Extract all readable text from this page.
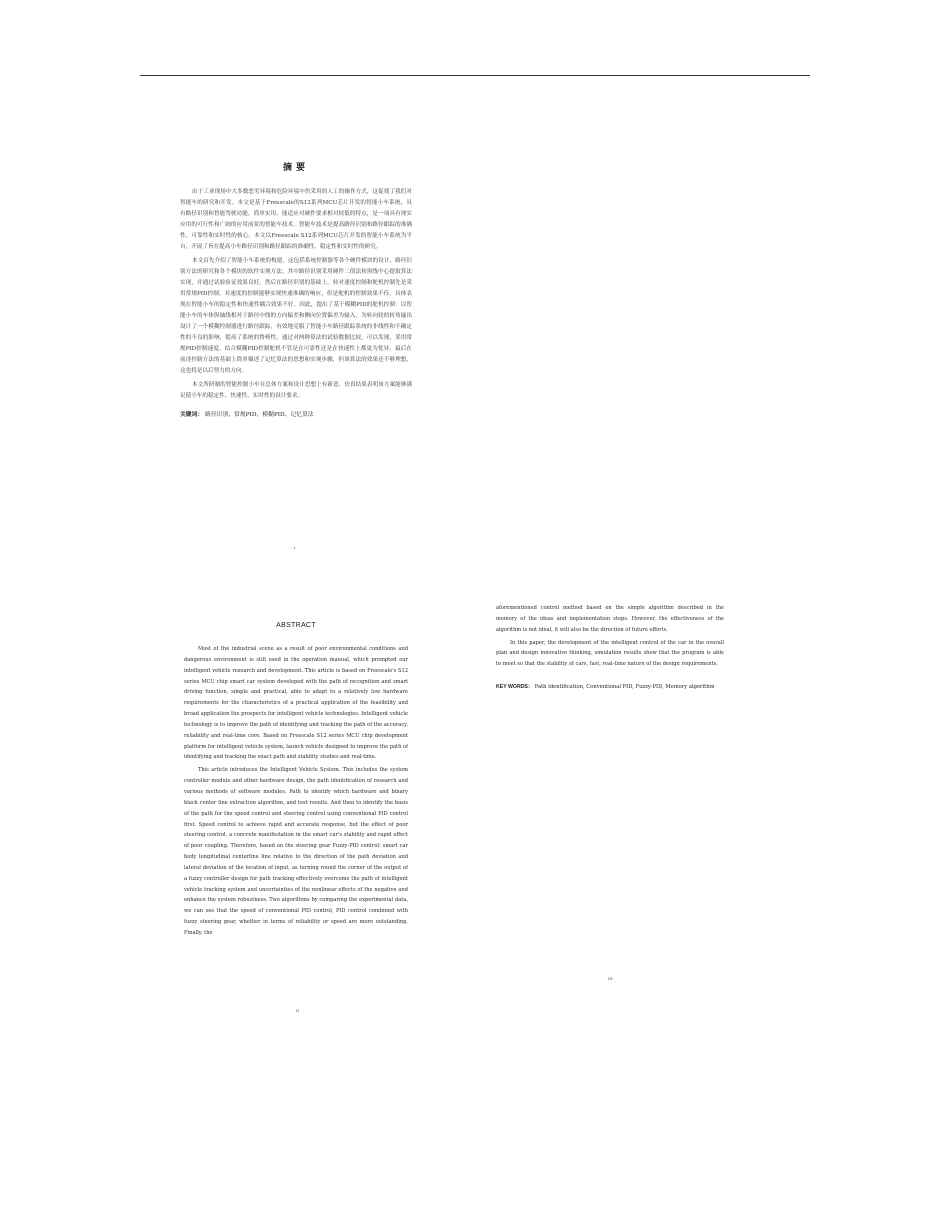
摘要

由于工业现场中大多数恶劣环境和危险环境中仍采用的人工的操作方式，这促使了我们对智能车的研究和开发。本文是基于Freescale的S12系列MCU芯片开发的智能小车系统，具有路径识别和智能驾驶功能，简单实用。能适应对硬件要求相对较低的特点，是一项具有现实应用的可行性和广阔的应用前景的智能车技术。智能车技术是提高路径识别和路径跟踪的准确性、可靠性和实时性的核心。本文以Freescale S12系列MCU芯片开发的智能小车系统为平台，开展了旨在提高小车路径识别和路径跟踪的准确性、稳定性和实时性的研究。

本文首先介绍了智能小车系统的构建，这包括系统控制器等各个硬件模块的设计、路径识别方法的研究和各个模块的软件实现方法。其中路径识别采用硬件二值法和黑线中心提取算法实现，并通过试验验证效果良好。然后在路径识别的基础上，转对速度控制和舵机控制先是采用常规PID控制，对速度的控制能够实现快速准确的响应，但是舵机的控制效果不佳，具体表现在智能小车的稳定性和快速性耦合效果不好。因此，提出了基于模糊PID的舵机控制：以智能小车的车体纵轴线相对于路径中线的方向偏差和侧向位置偏差为输入，为转向轮的转角输出设计了一个模糊控制器进行路径跟踪，有效地克服了智能小车路径跟踪系统的非线性和不确定性的不良的影响，提高了系统的鲁棒性。通过对两种算法的试验数据比较，可以发现，采用常规PID控制速度，结合模糊PID控制舵机不管是在可靠性还是在快速性上都更为优异。最后在前述控制方法的基础上简单描述了记忆算法的思想和实现步骤，但该算法的效果还不够理想，这也将是以后努力的方向。

本文所研制的智能控制小车在总体方案和设计思想上有新意，仿真结果表明该方案能够满足使小车的稳定性、快速性、实时性的设计要求。

关键词： 路径识别、常规PID、模糊PID、记忆算法
I
ABSTRACT

Most of the industrial scene as a result of poor environmental conditions and dangerous environment is still used in the operation manual, which prompted our intelligent vehicle research and development. This article is based on Freescale's S12 series MCU chip smart car system developed with the path of recognition and smart driving function, simple and practical, able to adapt to a relatively low hardware requirements for the characteristics of a practical application of the feasibility and broad application the prospects for intelligent vehicle technologies. Intelligent vehicle technology is to improve the path of identifying and tracking the path of the accuracy, reliability and real-time core. Based on Freescale S12 series MCU chip development platform for intelligent vehicle system, launch vehicle designed to improve the path of identifying and tracking the exact path and stability studies and real-time.

This article introduces the Intelligent Vehicle System. This includes the system controller module and other hardware design, the path identification of research and various methods of software modules. Path to identify which hardware and binary black center line extraction algorithm, and test results. And then to identify the basis of the path for the speed control and steering control using conventional PID control first. Speed control to achieve rapid and accurate response, but the effect of poor steering control, a concrete manifestation in the smart car's stability and rapid effect of poor coupling. Therefore, based on the steering gear Fuzzy-PID control: smart car body longitudinal centerline line relative to the direction of the path deviation and lateral deviation of the location of input, as turning round the corner of the output of a fuzzy controller design for path tracking effectively overcome the path of intelligent vehicle tracking system and uncertainties of the nonlinear effects of the negative and enhance the system robustness. Two algorithms by comparing the experimental data, we can see that the speed of conventional PID control, PID control combined with fuzzy steering gear, whether in terms of reliability or speed are more outstanding. Finally, the

II

aforementioned control method based on the simple algorithm described in the memory of the ideas and implementation steps. However, the effectiveness of the algorithm is not ideal, it will also be the direction of future efforts.

In this paper, the development of the intelligent control of the car in the overall plan and design innovative thinking, simulation results show that the program is able to meet so that the stability of cars, fast, real-time nature of the design requirements.

KEY WORDS： Path identification, Conventional PID, Fuzzy-PID, Memory algorithm
III
